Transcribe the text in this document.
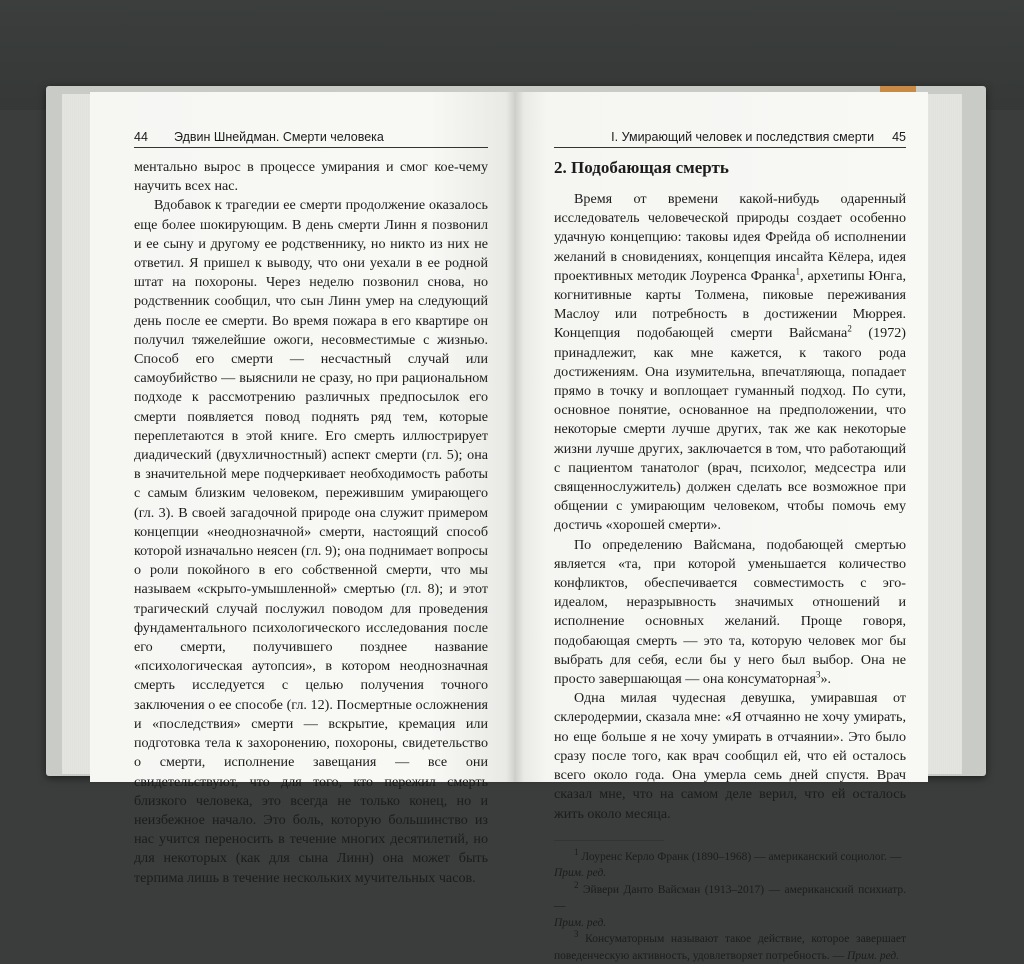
44	Эдвин Шнейдман. Смерти человека

ментально вырос в процессе умирания и смог кое-чему научить всех нас.

Вдобавок к трагедии ее смерти продолжение оказалось еще более шокирующим. В день смерти Линн я позвонил и ее сыну и другому ее родственнику, но никто из них не ответил. Я пришел к выводу, что они уехали в ее родной штат на похороны. Через неделю позвонил снова, но родственник сообщил, что сын Линн умер на следующий день после ее смерти. Во время пожара в его квартире он получил тяжелейшие ожоги, несовместимые с жизнью. Способ его смерти — несчастный случай или самоубийство — выяснили не сразу, но при рациональном подходе к рассмотрению различных предпосылок его смерти появляется повод поднять ряд тем, которые переплетаются в этой книге. Его смерть иллюстрирует диадический (двухличностный) аспект смерти (гл. 5); она в значительной мере подчеркивает необходимость работы с самым близким человеком, пережившим умирающего (гл. 3). В своей загадочной природе она служит примером концепции «неоднозначной» смерти, настоящий способ которой изначально неясен (гл. 9); она поднимает вопросы о роли покойного в его собственной смерти, что мы называем «скрыто-умышленной» смертью (гл. 8); и этот трагический случай послужил поводом для проведения фундаментального психологического исследования после его смерти, получившего позднее название «психологическая аутопсия», в котором неоднозначная смерть исследуется с целью получения точного заключения о ее способе (гл. 12). Посмертные осложнения и «последствия» смерти — вскрытие, кремация или подготовка тела к захоронению, похороны, свидетельство о смерти, исполнение завещания — все они свидетельствуют, что для того, кто пережил смерть близкого человека, это всегда не только конец, но и неизбежное начало. Это боль, которую большинство из нас учится переносить в течение многих десятилетий, но для некоторых (как для сына Линн) она может быть терпима лишь в течение нескольких мучительных часов.

I. Умирающий человек и последствия смерти	45
2. Подобающая смерть

Время от времени какой-нибудь одаренный исследователь человеческой природы создает особенно удачную концепцию: таковы идея Фрейда об исполнении желаний в сновидениях, концепция инсайта Кёлера, идея проективных методик Лоуренса Франка$^1$, архетипы Юнга, когнитивные карты Толмена, пиковые переживания Маслоу или потребность в достижении Мюррея. Концепция подобающей смерти Вайсмана$^2$ (1972) принадлежит, как мне кажется, к такого рода достижениям. Она изумительна, впечатляюща, попадает прямо в точку и воплощает гуманный подход. По сути, основное понятие, основанное на предположении, что некоторые смерти лучше других, так же как некоторые жизни лучше других, заключается в том, что работающий с пациентом танатолог (врач, психолог, медсестра или священнослужитель) должен сделать все возможное при общении с умирающим человеком, чтобы помочь ему достичь «хорошей смерти».

По определению Вайсмана, подобающей смертью является «та, при которой уменьшается количество конфликтов, обеспечивается совместимость с эго-идеалом, неразрывность значимых отношений и исполнение основных желаний. Проще говоря, подобающая смерть — это та, которую человек мог бы выбрать для себя, если бы у него был выбор. Она не просто завершающая — она консуматорная$^3$».

Одна милая чудесная девушка, умиравшая от склеродермии, сказала мне: «Я отчаянно не хочу умирать, но еще больше я не хочу умирать в отчаянии». Это было сразу после того, как врач сообщил ей, что ей осталось всего около года. Она умерла семь дней спустя. Врач сказал мне, что на самом деле верил, что ей осталось жить около месяца.

$^1$ Лоуренс Керло Франк (1890–1968) — американский социолог. —

Прим. ред.

$^2$ Эйвери Данто Вайсман (1913–2017) — американский психиатр. —

Прим. ред.

$^3$ Консуматорным называют такое действие, которое завершает поведенческую активность, удовлетворяет потребность. — Прим. ред.
